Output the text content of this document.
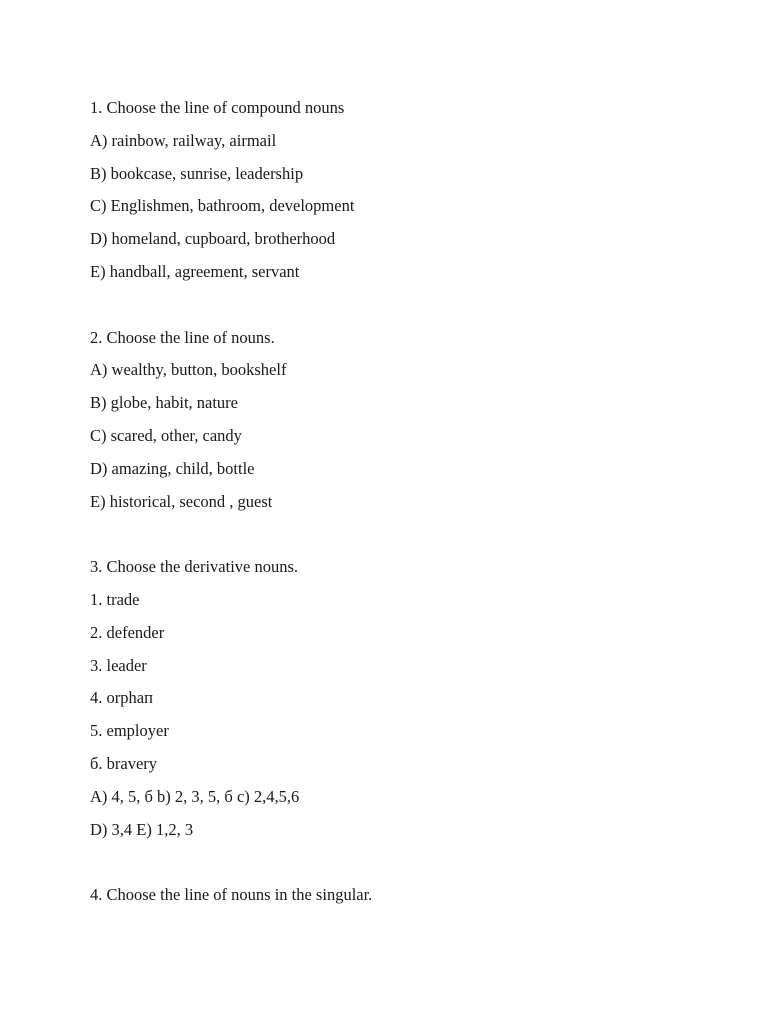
1. Choose the line of compound nouns
A) rainbow, railway, airmail
B) bookcase, sunrise, leadership
C) Englishmen, bathroom, development
D) homeland, cupboard, brotherhood
E) handball, agreement, servant
2. Choose the line of nouns.
A) wealthy, button, bookshelf
B) globe, habit, nature
C) scared, other, candy
D) amazing, child, bottle
E) historical, second , guest
3. Choose the derivative nouns.
1. trade
2. defender
3. leader
4. orphaп
5. employer
б. bravery
A) 4, 5, б b) 2, 3, 5, б c) 2,4,5,6
D) 3,4 E) 1,2, 3
4. Choose the line of nouns in the singular.
